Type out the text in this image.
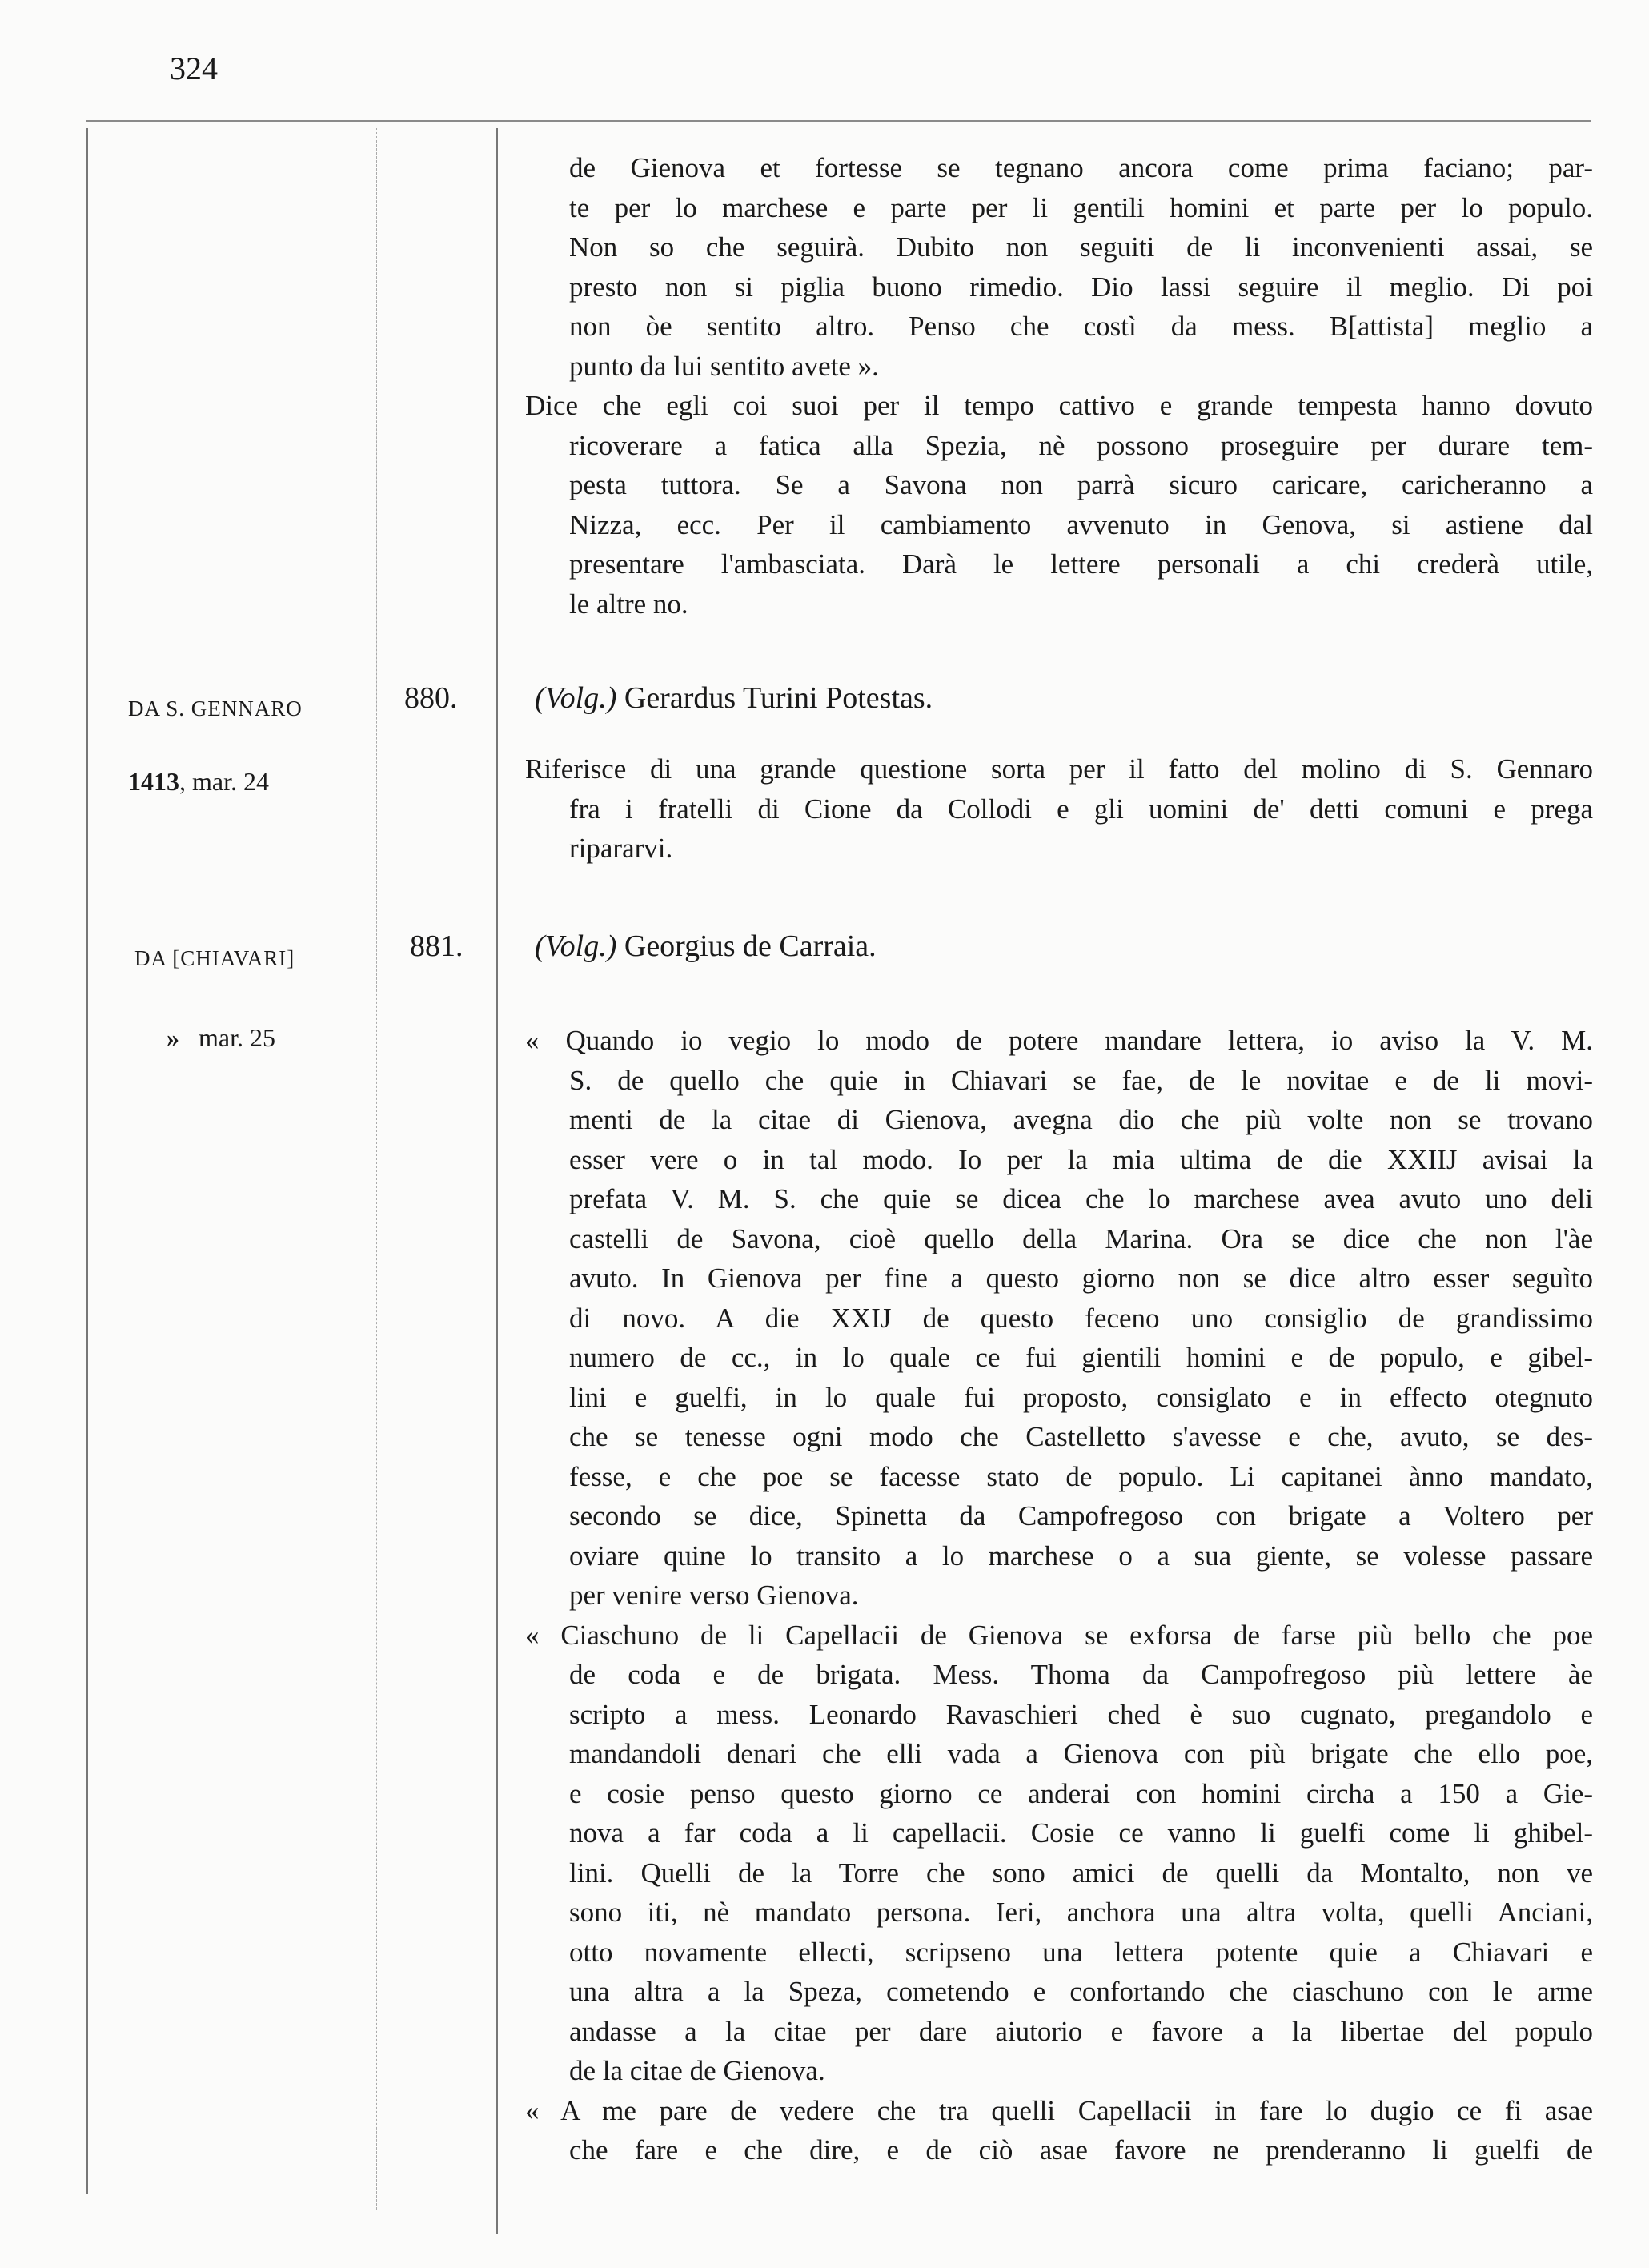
324
de Gienova et fortesse se tegnano ancora come prima faciano; par-
te per lo marchese e parte per li gentili homini et parte per lo populo.
Non so che seguirà. Dubito non seguiti de li inconvenienti assai, se
presto non si piglia buono rimedio. Dio lassi seguire il meglio. Di poi
non òe sentito altro. Penso che costì da mess. B[attista] meglio a
punto da lui sentito avete ».
Dice che egli coi suoi per il tempo cattivo e grande tempesta hanno dovuto
ricoverare a fatica alla Spezia, nè possono proseguire per durare tem-
pesta tuttora. Se a Savona non parrà sicuro caricare, caricheranno a
Nizza, ecc. Per il cambiamento avvenuto in Genova, si astiene dal
presentare l'ambasciata. Darà le lettere personali a chi crederà utile,
le altre no.
DA S. GENNARO
1413, mar. 24
880.	(Volg.) Gerardus Turini Potestas.
Riferisce di una grande questione sorta per il fatto del molino di S. Gennaro
fra i fratelli di Cione da Collodi e gli uomini de' detti comuni e prega
ripararvi.
DA [CHIAVARI]
» mar. 25
881. (Volg.) Georgius de Carraia.
« Quando io vegio lo modo de potere mandare lettera, io aviso la V. M.
S. de quello che quie in Chiavari se fae, de le novitae e de li movi-
menti de la citae di Gienova, avegna dio che più volte non se trovano
esser vere o in tal modo. Io per la mia ultima de die XXIIJ avisai la
prefata V. M. S. che quie se dicea che lo marchese avea avuto uno deli
castelli de Savona, cioè quello della Marina. Ora se dice che non l'àe
avuto. In Gienova per fine a questo giorno non se dice altro esser seguìto
di novo. A die XXIJ de questo feceno uno consiglio de grandissimo
numero de cc., in lo quale ce fui gientili homini e de populo, e gibel-
lini e guelfi, in lo quale fui proposto, consiglato e in effecto otegnuto
che se tenesse ogni modo che Castelletto s'avesse e che, avuto, se des-
fesse, e che poe se facesse stato de populo. Li capitanei ànno mandato,
secondo se dice, Spinetta da Campofregoso con brigate a Voltero per
oviare quine lo transito a lo marchese o a sua giente, se volesse passare
per venire verso Gienova.
« Ciaschuno de li Capellacii de Gienova se exforsa de farse più bello che poe
de coda e de brigata. Mess. Thoma da Campofregoso più lettere àe
scripto a mess. Leonardo Ravaschieri ched è suo cugnato, pregandolo e
mandandoli denari che elli vada a Gienova con più brigate che ello poe,
e cosie penso questo giorno ce anderai con homini circha a 150 a Gie-
nova a far coda a li capellacii. Cosie ce vanno li guelfi come li ghibel-
lini. Quelli de la Torre che sono amici de quelli da Montalto, non ve
sono iti, nè mandato persona. Ieri, anchora una altra volta, quelli Anciani,
otto novamente ellecti, scripseno una lettera potente quie a Chiavari e
una altra a la Speza, cometendo e confortando che ciaschuno con le arme
andasse a la citae per dare aiutorio e favore a la libertae del populo
de la citae de Gienova.
« A me pare de vedere che tra quelli Capellacii in fare lo dugio ce fi asae
che fare e che dire, e de ciò asae favore ne prenderanno li guelfi de
